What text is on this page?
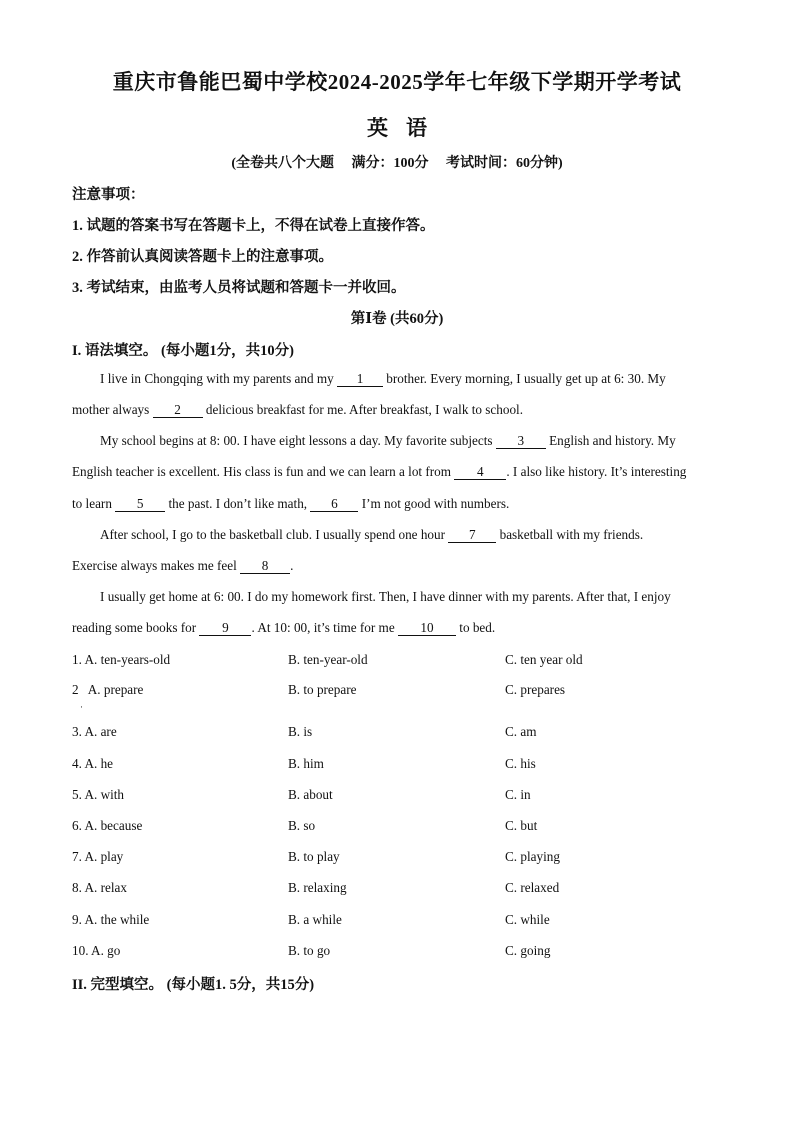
重庆市鲁能巴蜀中学校2024-2025学年七年级下学期开学考试
英语
(全卷共八个大题 满分：100分 考试时间：60分钟)
注意事项：
1. 试题的答案书写在答题卡上，不得在试卷上直接作答。
2. 作答前认真阅读答题卡上的注意事项。
3. 考试结束，由监考人员将试题和答题卡一并收回。
第Ⅰ卷 (共60分)
I. 语法填空。 (每小题1分，共10分)
I live in Chongqing with my parents and my 1 brother. Every morning, I usually get up at 6: 30. My
mother always 2 delicious breakfast for me. After breakfast, I walk to school.
My school begins at 8: 00. I have eight lessons a day. My favorite subjects 3 English and history. My
English teacher is excellent. His class is fun and we can learn a lot from 4 . I also like history. It’s interesting
to learn 5 the past. I don’t like math, 6 I’m not good with numbers.
After school, I go to the basketball club. I usually spend one hour 7 basketball with my friends.
Exercise always makes me feel 8 .
I usually get home at 6: 00. I do my homework first. Then, I have dinner with my parents. After that, I enjoy
reading some books for 9 . At 10: 00, it’s time for me 10 to bed.
1. A. ten-years-old	B. ten-year-old	C. ten year old
2   A. prepare	B. to prepare	C. prepares
·
3. A. are	B. is	C. am
4. A. he	B. him	C. his
5. A. with	B. about	C. in
6. A. because	B. so	C. but
7. A. play	B. to play	C. playing
8. A. relax	B. relaxing	C. relaxed
9. A. the while	B. a while	C. while
10. A. go	B. to go	C. going
II. 完型填空。 (每小题1. 5分，共15分)
